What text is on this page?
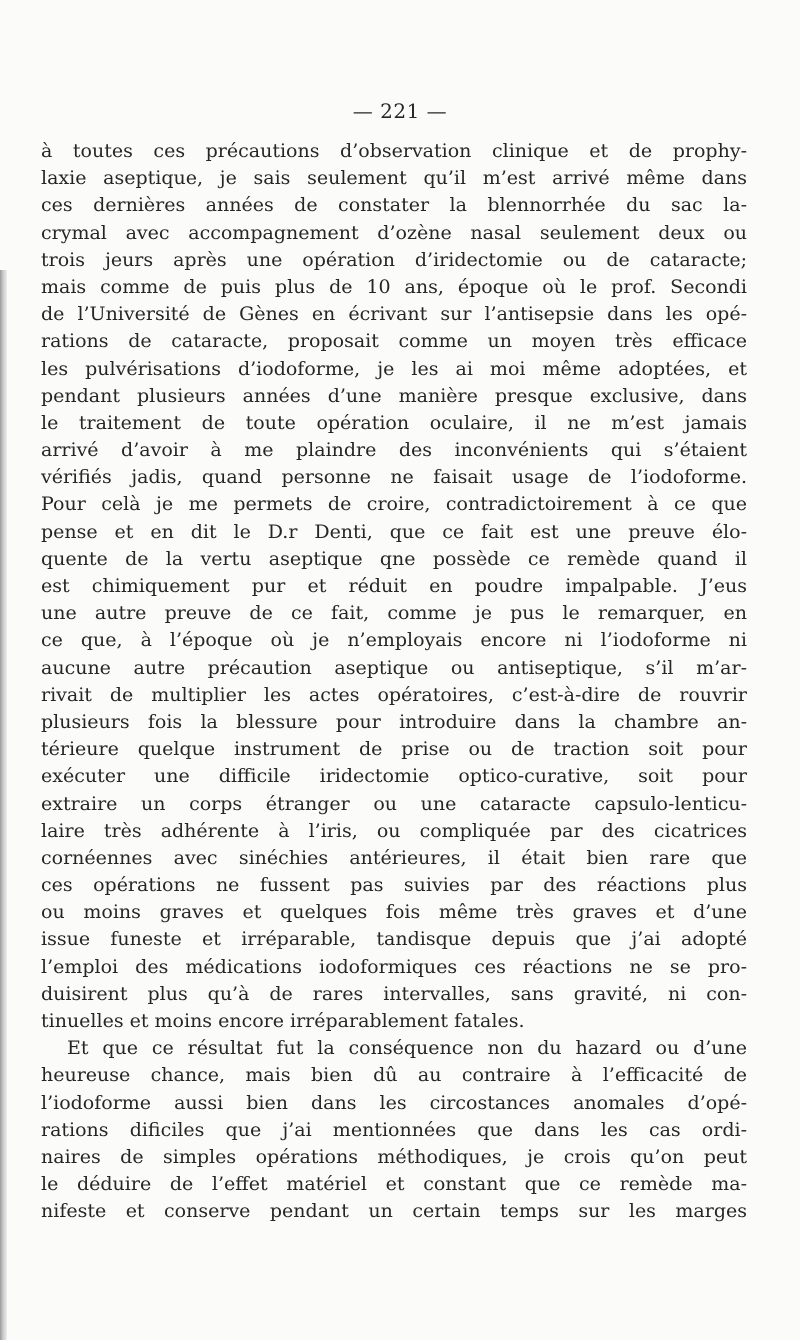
— 221 —
à toutes ces précautions d’observation clinique et de prophy-
laxie aseptique, je sais seulement qu’il m’est arrivé même dans
ces dernières années de constater la blennorrhée du sac la-
crymal avec accompagnement d’ozène nasal seulement deux ou
trois jeurs après une opération d’iridectomie ou de cataracte;
mais comme de puis plus de 10 ans, époque où le prof. Secondi
de l’Université de Gènes en écrivant sur l’antisepsie dans les opé-
rations de cataracte, proposait comme un moyen très efficace
les pulvérisations d’iodoforme, je les ai moi même adoptées, et
pendant plusieurs années d’une manière presque exclusive, dans
le traitement de toute opération oculaire, il ne m’est jamais
arrivé d’avoir à me plaindre des inconvénients qui s’étaient
vérifiés jadis, quand personne ne faisait usage de l’iodoforme.
Pour celà je me permets de croire, contradictoirement à ce que
pense et en dit le D.r Denti, que ce fait est une preuve élo-
quente de la vertu aseptique qne possède ce remède quand il
est chimiquement pur et réduit en poudre impalpable. J’eus
une autre preuve de ce fait, comme je pus le remarquer, en
ce que, à l’époque où je n’employais encore ni l’iodoforme ni
aucune autre précaution aseptique ou antiseptique, s’il m’ar-
rivait de multiplier les actes opératoires, c’est-à-dire de rouvrir
plusieurs fois la blessure pour introduire dans la chambre an-
térieure quelque instrument de prise ou de traction soit pour
exécuter une difficile iridectomie optico-curative, soit pour
extraire un corps étranger ou une cataracte capsulo-lenticu-
laire très adhérente à l’iris, ou compliquée par des cicatrices
cornéennes avec sinéchies antérieures, il était bien rare que
ces opérations ne fussent pas suivies par des réactions plus
ou moins graves et quelques fois même très graves et d’une
issue funeste et irréparable, tandisque depuis que j’ai adopté
l’emploi des médications iodoformiques ces réactions ne se pro-
duisirent plus qu’à de rares intervalles, sans gravité, ni con-
tinuelles et moins encore irréparablement fatales.
Et que ce résultat fut la conséquence non du hazard ou d’une
heureuse chance, mais bien dû au contraire à l’efficacité de
l’iodoforme aussi bien dans les circostances anomales d’opé-
rations dificiles que j’ai mentionnées que dans les cas ordi-
naires de simples opérations méthodiques, je crois qu’on peut
le déduire de l’effet matériel et constant que ce remède ma-
nifeste et conserve pendant un certain temps sur les marges
